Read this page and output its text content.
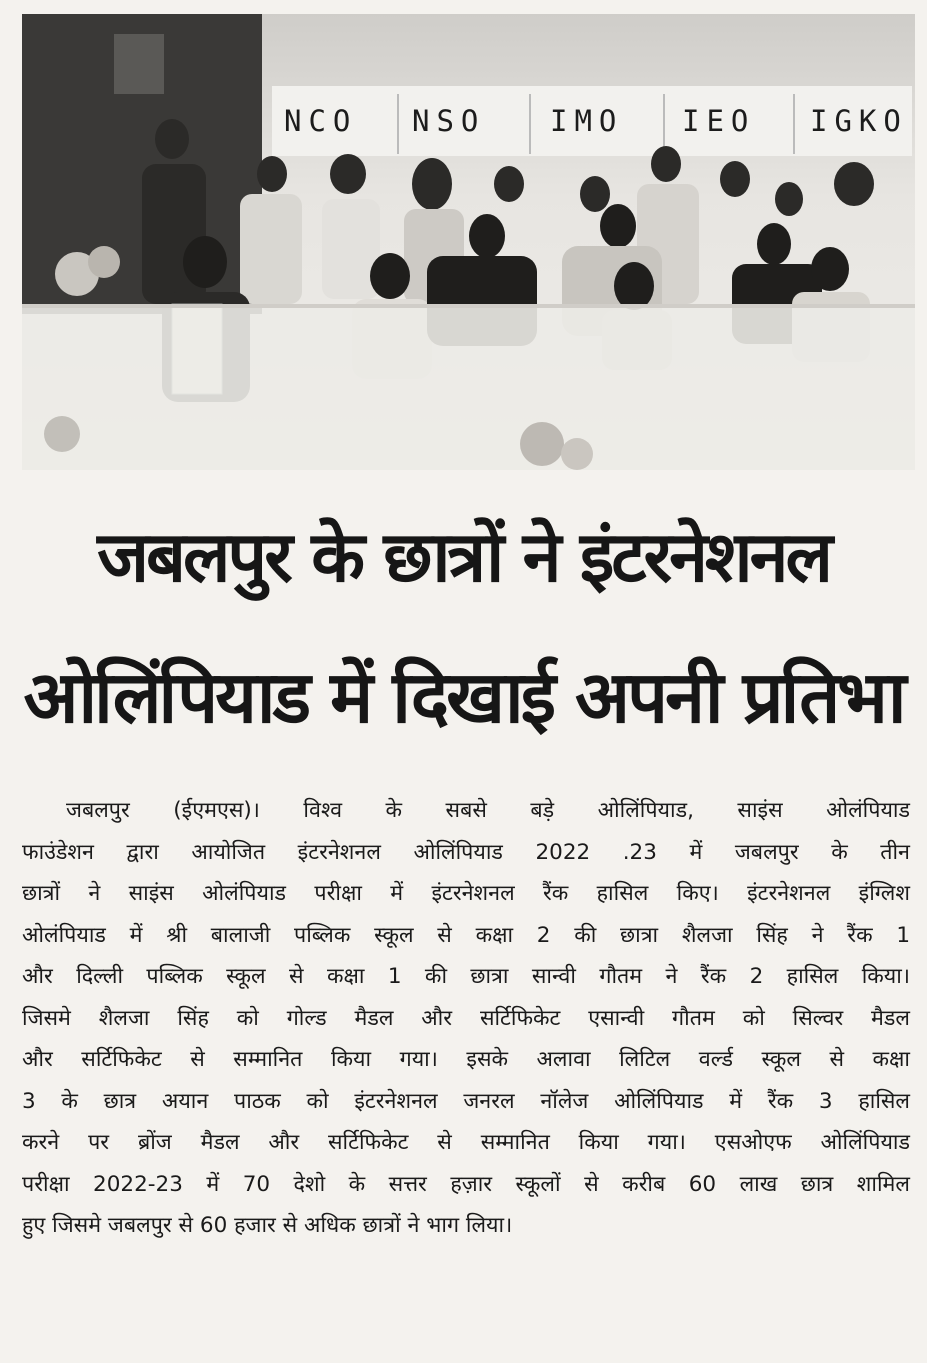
NCO NSO IMO IEO IGKO
जबलपुर के छात्रों ने इंटरनेशनल
ओलिंपियाड में दिखाई अपनी प्रतिभा
जबलपुर (ईएमएस)। विश्व के सबसे बड़े ओलिंपियाड, साइंस ओलंपियाड
फाउंडेशन द्वारा आयोजित इंटरनेशनल ओलिंपियाड 2022 .23 में जबलपुर के तीन
छात्रों ने साइंस ओलंपियाड परीक्षा में इंटरनेशनल रैंक हासिल किए। इंटरनेशनल इंग्लिश
ओलंपियाड में श्री बालाजी पब्लिक स्कूल से कक्षा 2 की छात्रा शैलजा सिंह ने रैंक 1
और दिल्ली पब्लिक स्कूल से कक्षा 1 की छात्रा सान्वी गौतम ने रैंक 2 हासिल किया।
जिसमे शैलजा सिंह को गोल्ड मैडल और सर्टिफिकेट एसान्वी गौतम को सिल्वर मैडल
और सर्टिफिकेट से सम्मानित किया गया। इसके अलावा लिटिल वर्ल्ड स्कूल से कक्षा
3 के छात्र अयान पाठक को इंटरनेशनल जनरल नॉलेज ओलिंपियाड में रैंक 3 हासिल
करने पर ब्रोंज मैडल और सर्टिफिकेट से सम्मानित किया गया। एसओएफ ओलिंपियाड
परीक्षा 2022-23 में 70 देशो के सत्तर हज़ार स्कूलों से करीब 60 लाख छात्र शामिल
हुए जिसमे जबलपुर से 60 हजार से अधिक छात्रों ने भाग लिया।
